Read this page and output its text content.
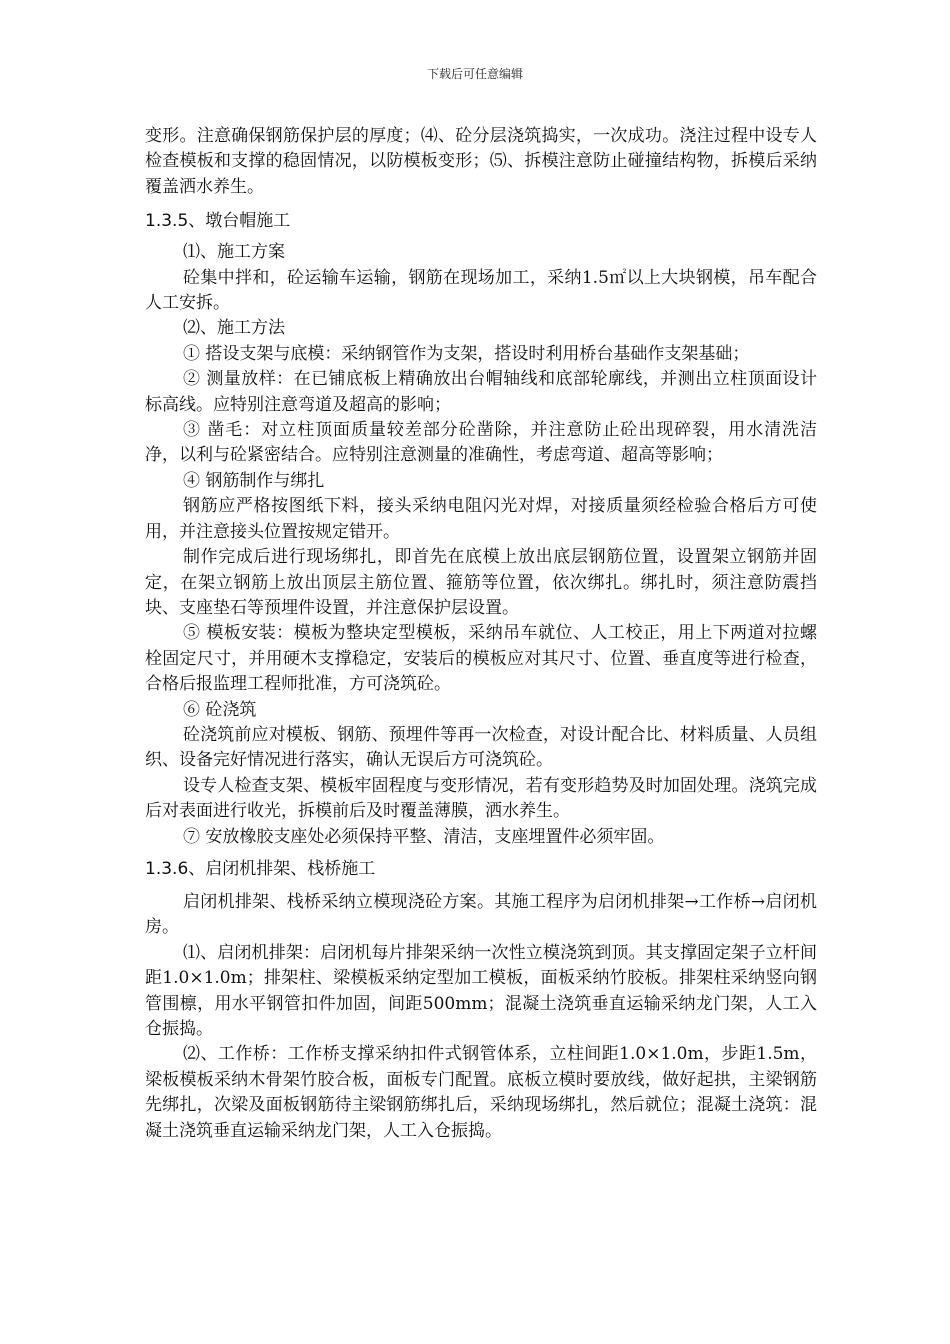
下载后可任意编辑

变形。注意确保钢筋保护层的厚度；⑷、砼分层浇筑捣实，一次成功。浇注过程中设专人检查模板和支撑的稳固情况，以防模板变形；⑸、拆模注意防止碰撞结构物，拆模后采纳覆盖洒水养生。

1.3.5、墩台帽施工

⑴、施工方案

砼集中拌和，砼运输车运输，钢筋在现场加工，采纳1.5㎡以上大块钢模，吊车配合人工安拆。

⑵、施工方法

① 搭设支架与底模：采纳钢管作为支架，搭设时利用桥台基础作支架基础；

② 测量放样：在已铺底板上精确放出台帽轴线和底部轮廓线，并测出立柱顶面设计标高线。应特别注意弯道及超高的影响；

③ 凿毛：对立柱顶面质量较差部分砼凿除，并注意防止砼出现碎裂，用水清洗洁净，以利与砼紧密结合。应特别注意测量的准确性，考虑弯道、超高等影响；

④ 钢筋制作与绑扎

钢筋应严格按图纸下料，接头采纳电阻闪光对焊，对接质量须经检验合格后方可使用，并注意接头位置按规定错开。

制作完成后进行现场绑扎，即首先在底模上放出底层钢筋位置，设置架立钢筋并固定，在架立钢筋上放出顶层主筋位置、箍筋等位置，依次绑扎。绑扎时，须注意防震挡块、支座垫石等预埋件设置，并注意保护层设置。

⑤ 模板安装：模板为整块定型模板，采纳吊车就位、人工校正，用上下两道对拉螺栓固定尺寸，并用硬木支撑稳定，安装后的模板应对其尺寸、位置、垂直度等进行检查，合格后报监理工程师批准，方可浇筑砼。

⑥ 砼浇筑

砼浇筑前应对模板、钢筋、预埋件等再一次检查，对设计配合比、材料质量、人员组织、设备完好情况进行落实，确认无误后方可浇筑砼。

设专人检查支架、模板牢固程度与变形情况，若有变形趋势及时加固处理。浇筑完成后对表面进行收光，拆模前后及时覆盖薄膜，洒水养生。

⑦ 安放橡胶支座处必须保持平整、清洁，支座埋置件必须牢固。

1.3.6、启闭机排架、栈桥施工

启闭机排架、栈桥采纳立模现浇砼方案。其施工程序为启闭机排架→工作桥→启闭机房。

⑴、启闭机排架：启闭机每片排架采纳一次性立模浇筑到顶。其支撑固定架子立杆间距1.0×1.0m；排架柱、梁模板采纳定型加工模板，面板采纳竹胶板。排架柱采纳竖向钢管围檩，用水平钢管扣件加固，间距500mm；混凝土浇筑垂直运输采纳龙门架，人工入仓振捣。

⑵、工作桥：工作桥支撑采纳扣件式钢管体系，立柱间距1.0×1.0m，步距1.5m，梁板模板采纳木骨架竹胶合板，面板专门配置。底板立模时要放线，做好起拱，主梁钢筋先绑扎，次梁及面板钢筋待主梁钢筋绑扎后，采纳现场绑扎，然后就位；混凝土浇筑：混凝土浇筑垂直运输采纳龙门架，人工入仓振捣。
